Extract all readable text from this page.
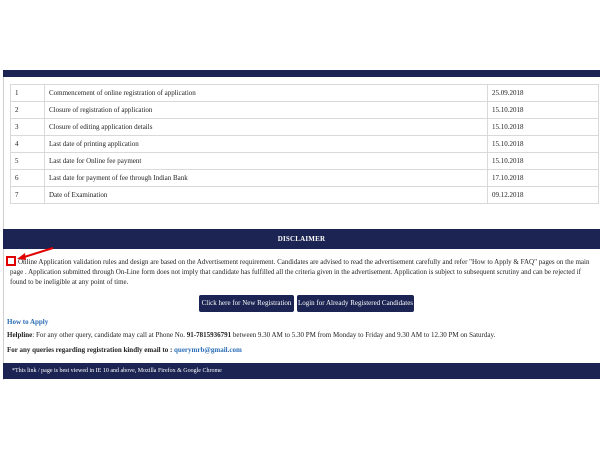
1	Commencement of online registration of application	25.09.2018
2	Closure of registration of application	15.10.2018
3	Closure of editing application details	15.10.2018
4	Last date of printing application	15.10.2018
5	Last date for Online fee payment	15.10.2018
6	Last date for payment of fee through Indian Bank	17.10.2018
7	Date of Examination	09.12.2018
DISCLAIMER
Online Application validation rules and design are based on the Advertisement requirement. Candidates are advised to read the advertisement carefully and refer "How to Apply & FAQ" pages on the main page . Application submitted through On-Line form does not imply that candidate has fulfilled all the criteria given in the advertisement. Application is subject to subsequent scrutiny and can be rejected if found to be ineligible at any point of time.
Click here for New Registration Login for Already Registered Candidates
How to Apply
Helpline: For any other query, candidate may call at Phone No. 91-7815936791 between 9.30 AM to 5.30 PM from Monday to Friday and 9.30 AM to 12.30 PM on Saturday.
For any queries regarding registration kindly email to : querymrb@gmail.com
*This link / page is best viewed in IE 10 and above, Mozilla Firefox & Google Chrome
